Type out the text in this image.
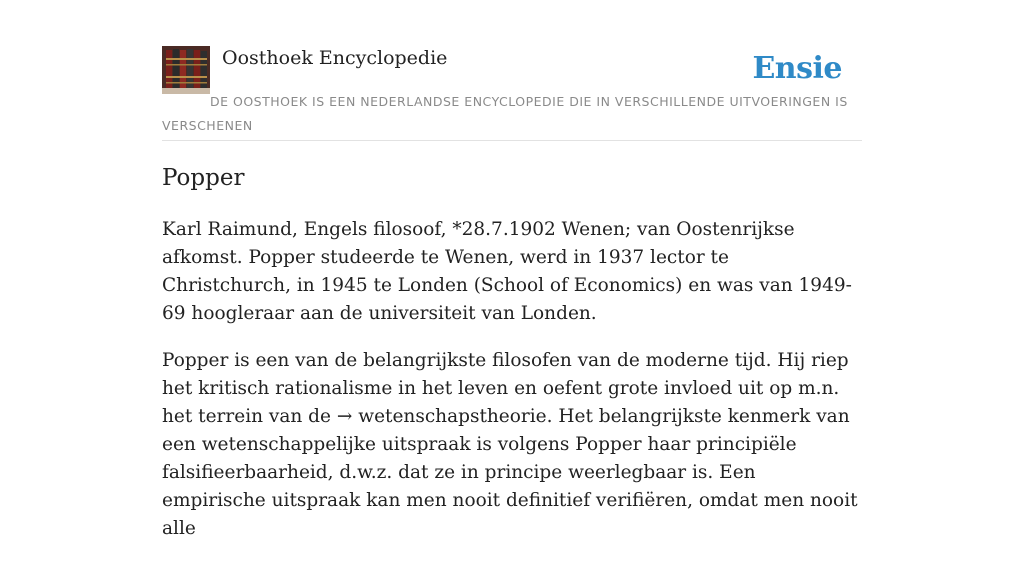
Oosthoek Encyclopedie	Ensie
DE OOSTHOEK IS EEN NEDERLANDSE ENCYCLOPEDIE DIE IN VERSCHILLENDE UITVOERINGEN IS VERSCHENEN
Popper

Karl Raimund, Engels filosoof, *28.7.1902 Wenen; van Oostenrijkse afkomst. Popper studeerde te Wenen, werd in 1937 lector te Christchurch, in 1945 te Londen (School of Economics) en was van 1949-69 hoogleraar aan de universiteit van Londen.

Popper is een van de belangrijkste filosofen van de moderne tijd. Hij riep het kritisch rationalisme in het leven en oefent grote invloed uit op m.n. het terrein van de → wetenschapstheorie. Het belangrijkste kenmerk van een wetenschappelijke uitspraak is volgens Popper haar principiële falsifieerbaarheid, d.w.z. dat ze in principe weerlegbaar is. Een empirische uitspraak kan men nooit definitief verifiëren, omdat men nooit alle
